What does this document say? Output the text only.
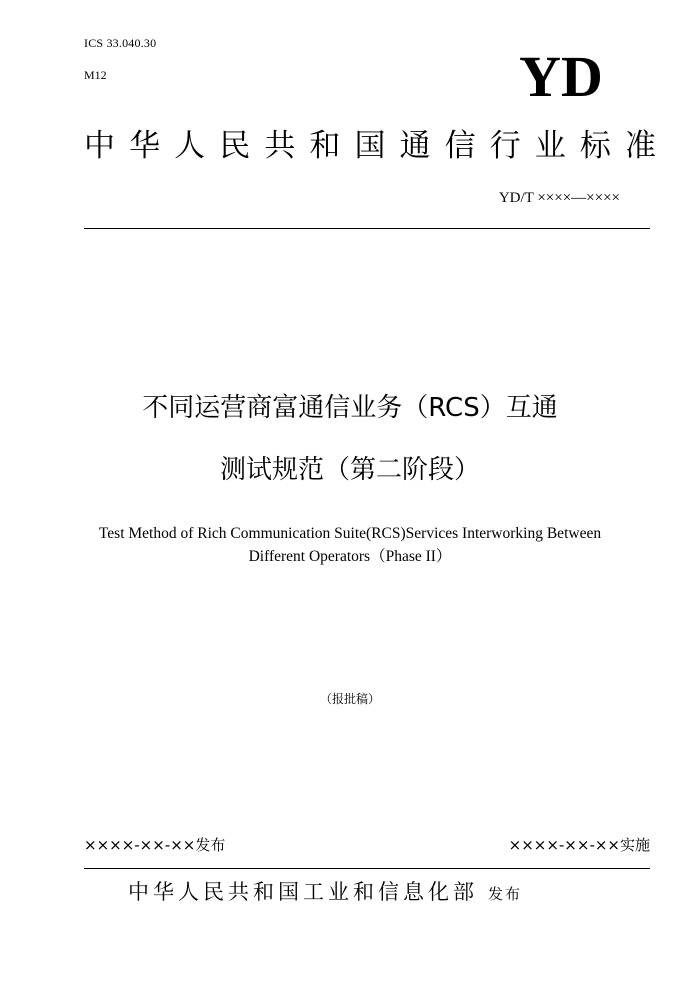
ICS 33.040.30
M12	YD
中 华 人 民 共 和 国 通 信 行 业 标 准
YD/T ××××—××××
不同运营商富通信业务（RCS）互通
测试规范（第二阶段）
Test Method of Rich Communication Suite(RCS)Services Interworking Between
Different Operators（Phase II）
（报批稿）
××××-××-××发布	××××-××-××实施
中华人民共和国工业和信息化部 发布
